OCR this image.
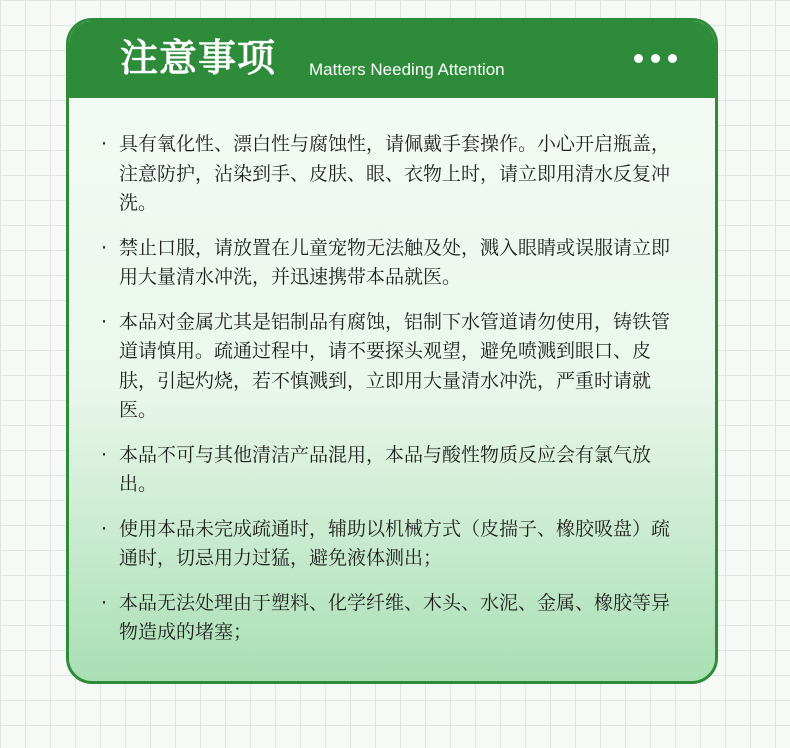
注意事项 Matters Needing Attention
· 具有氧化性、漂白性与腐蚀性，请佩戴手套操作。小心开启瓶盖，注意防护，沾染到手、皮肤、眼、衣物上时，请立即用清水反复冲洗。
· 禁止口服，请放置在儿童宠物无法触及处，溅入眼睛或误服请立即用大量清水冲洗，并迅速携带本品就医。
· 本品对金属尤其是铝制品有腐蚀，铝制下水管道请勿使用，铸铁管道请慎用。疏通过程中，请不要探头观望，避免喷溅到眼口、皮肤，引起灼烧，若不慎溅到，立即用大量清水冲洗，严重时请就医。
· 本品不可与其他清洁产品混用，本品与酸性物质反应会有氯气放出。
· 使用本品未完成疏通时，辅助以机械方式（皮揣子、橡胶吸盘）疏通时，切忌用力过猛，避免液体测出；
· 本品无法处理由于塑料、化学纤维、木头、水泥、金属、橡胶等异物造成的堵塞；
